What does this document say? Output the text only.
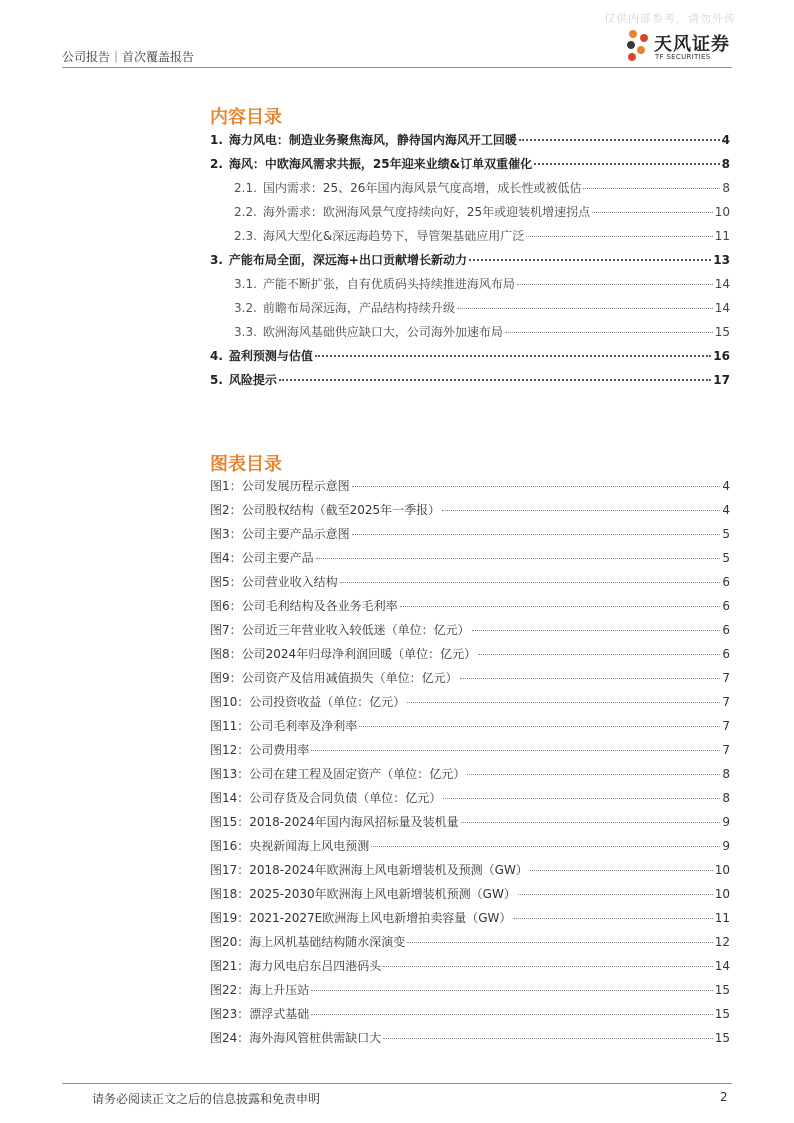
仅供内部参考，请勿外传
公司报告｜首次覆盖报告
天风证券
TF SECURITIES
内容目录
1. 海力风电：制造业务聚焦海风，静待国内海风开工回暖	4
2. 海风：中欧海风需求共振，25年迎来业绩&订单双重催化	8
2.1. 国内需求：25、26年国内海风景气度高增，成长性或被低估	8
2.2. 海外需求：欧洲海风景气度持续向好，25年或迎装机增速拐点	10
2.3. 海风大型化&深远海趋势下，导管架基础应用广泛	11
3. 产能布局全面，深远海+出口贡献增长新动力	13
3.1. 产能不断扩张，自有优质码头持续推进海风布局	14
3.2. 前瞻布局深远海，产品结构持续升级	14
3.3. 欧洲海风基础供应缺口大，公司海外加速布局	15
4. 盈利预测与估值	16
5. 风险提示	17
图表目录
图1：公司发展历程示意图	4
图2：公司股权结构（截至2025年一季报）	4
图3：公司主要产品示意图	5
图4：公司主要产品	5
图5：公司营业收入结构	6
图6：公司毛利结构及各业务毛利率	6
图7：公司近三年营业收入较低迷（单位：亿元）	6
图8：公司2024年归母净利润回暖（单位：亿元）	6
图9：公司资产及信用减值损失（单位：亿元）	7
图10：公司投资收益（单位：亿元）	7
图11：公司毛利率及净利率	7
图12：公司费用率	7
图13：公司在建工程及固定资产（单位：亿元）	8
图14：公司存货及合同负债（单位：亿元）	8
图15：2018-2024年国内海风招标量及装机量	9
图16：央视新闻海上风电预测	9
图17：2018-2024年欧洲海上风电新增装机及预测（GW）	10
图18：2025-2030年欧洲海上风电新增装机预测（GW）	10
图19：2021-2027E欧洲海上风电新增拍卖容量（GW）	11
图20：海上风机基础结构随水深演变	12
图21：海力风电启东吕四港码头	14
图22：海上升压站	15
图23：漂浮式基础	15
图24：海外海风管桩供需缺口大	15
请务必阅读正文之后的信息披露和免责申明	2
